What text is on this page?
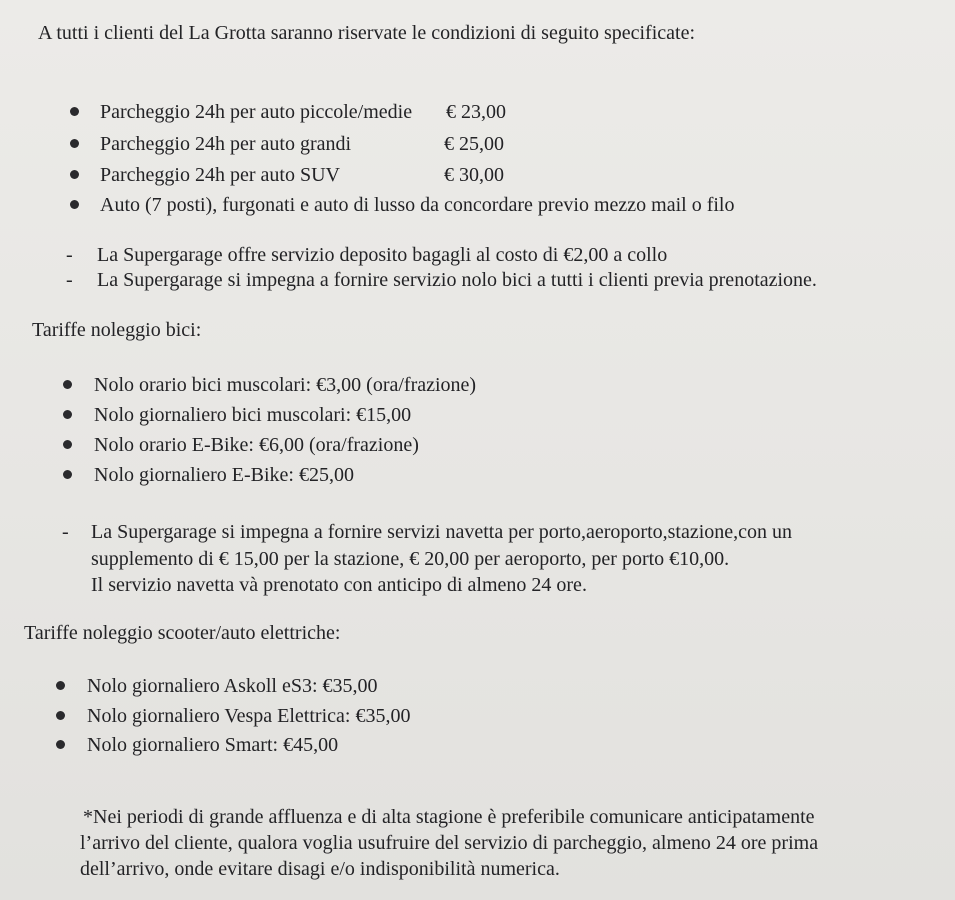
A tutti i clienti del La Grotta saranno riservate le condizioni di seguito specificate:
Parcheggio 24h per auto piccole/medie € 23,00
Parcheggio 24h per auto grandi	€ 25,00
Parcheggio 24h per auto SUV	€ 30,00
Auto (7 posti), furgonati e auto di lusso da concordare previo mezzo mail o filo
- La Supergarage offre servizio deposito bagagli al costo di €2,00 a collo
- La Supergarage si impegna a fornire servizio nolo bici a tutti i clienti previa prenotazione.
Tariffe noleggio bici:
Nolo orario bici muscolari: €3,00 (ora/frazione)
Nolo giornaliero bici muscolari: €15,00
Nolo orario E-Bike: €6,00 (ora/frazione)
Nolo giornaliero E-Bike: €25,00
- La Supergarage si impegna a fornire servizi navetta per porto,aeroporto,stazione,con un
supplemento di € 15,00 per la stazione, € 20,00 per aeroporto, per porto €10,00.
Il servizio navetta và prenotato con anticipo di almeno 24 ore.
Tariffe noleggio scooter/auto elettriche:
Nolo giornaliero Askoll eS3: €35,00
Nolo giornaliero Vespa Elettrica: €35,00
Nolo giornaliero Smart: €45,00
*Nei periodi di grande affluenza e di alta stagione è preferibile comunicare anticipatamente
l’arrivo del cliente, qualora voglia usufruire del servizio di parcheggio, almeno 24 ore prima
dell’arrivo, onde evitare disagi e/o indisponibilità numerica.
